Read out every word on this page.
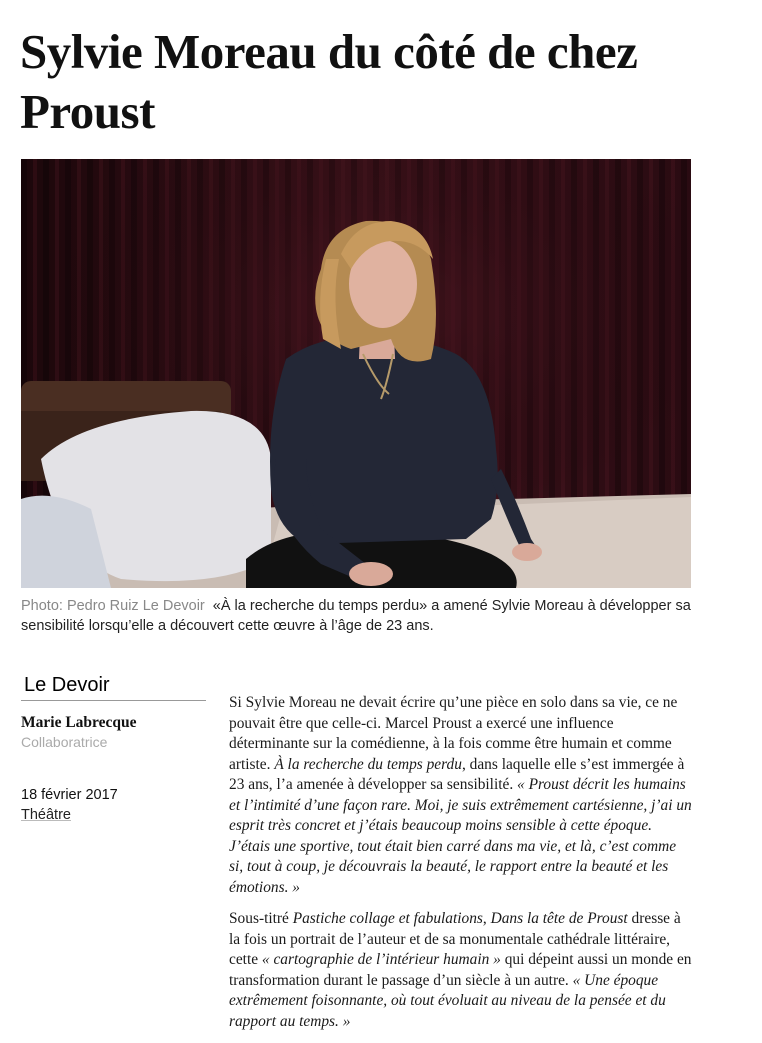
Sylvie Moreau du côté de chez Proust
Photo: Pedro Ruiz Le Devoir «À la recherche du temps perdu» a amené Sylvie Moreau à développer sa sensibilité lorsqu’elle a découvert cette œuvre à l’âge de 23 ans.
Le Devoir
Marie Labrecque
Collaboratrice
18 février 2017
Théâtre

Si Sylvie Moreau ne devait écrire qu’une pièce en solo dans sa vie, ce ne pouvait être que celle-ci. Marcel Proust a exercé une influence déterminante sur la comédienne, à la fois comme être humain et comme artiste. À la recherche du temps perdu, dans laquelle elle s’est immergée à 23 ans, l’a amenée à développer sa sensibilité. « Proust décrit les humains et l’intimité d’une façon rare. Moi, je suis extrêmement cartésienne, j’ai un esprit très concret et j’étais beaucoup moins sensible à cette époque. J’étais une sportive, tout était bien carré dans ma vie, et là, c’est comme si, tout à coup, je découvrais la beauté, le rapport entre la beauté et les émotions. »

Sous-titré Pastiche collage et fabulations, Dans la tête de Proust dresse à la fois un portrait de l’auteur et de sa monumentale cathédrale littéraire, cette « cartographie de l’intérieur humain » qui dépeint aussi un monde en transformation durant le passage d’un siècle à un autre. « Une époque extrêmement foisonnante, où tout évoluait au niveau de la pensée et du rapport au temps. »
